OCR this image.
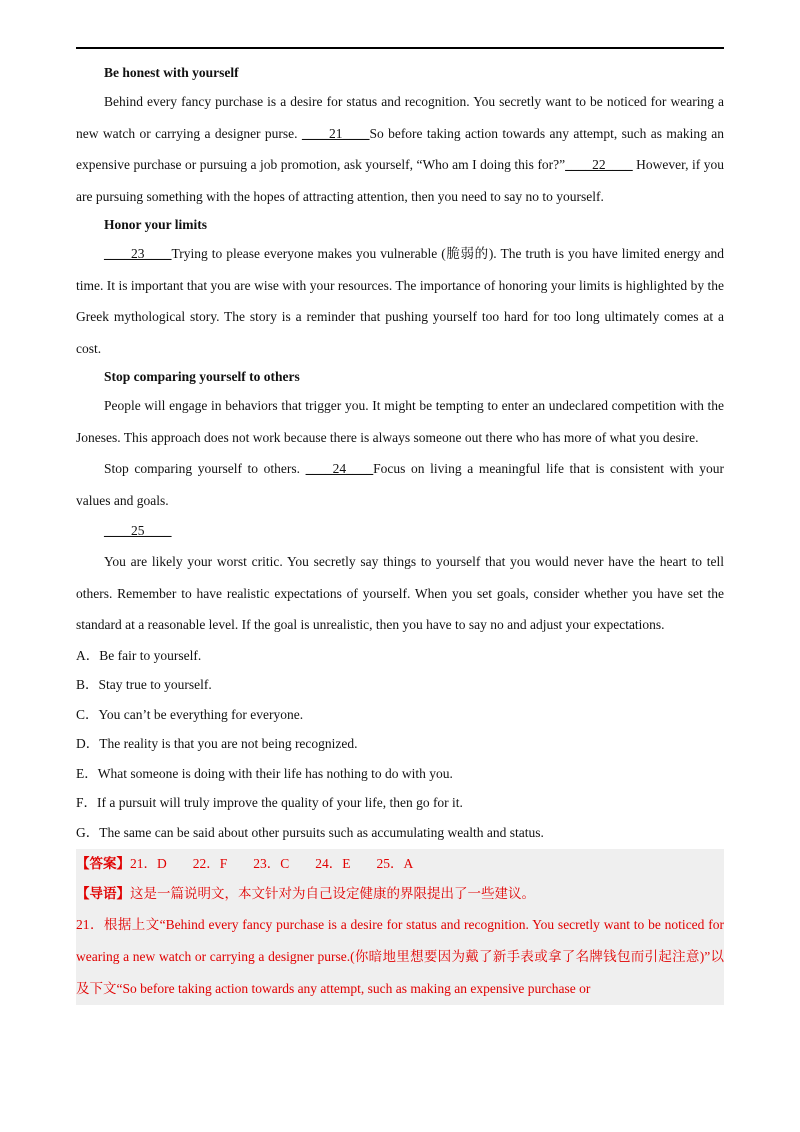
Be honest with yourself
Behind every fancy purchase is a desire for status and recognition. You secretly want to be noticed for wearing a new watch or carrying a designer purse. ____21____So before taking action towards any attempt, such as making an expensive purchase or pursuing a job promotion, ask yourself, “Who am I doing this for?”____22____ However, if you are pursuing something with the hopes of attracting attention, then you need to say no to yourself.
Honor your limits
____23____Trying to please everyone makes you vulnerable (脆弱的). The truth is you have limited energy and time. It is important that you are wise with your resources. The importance of honoring your limits is highlighted by the Greek mythological story. The story is a reminder that pushing yourself too hard for too long ultimately comes at a cost.
Stop comparing yourself to others
People will engage in behaviors that trigger you. It might be tempting to enter an undeclared competition with the Joneses. This approach does not work because there is always someone out there who has more of what you desire.
Stop comparing yourself to others. ____24____Focus on living a meaningful life that is consistent with your values and goals.
____25____
You are likely your worst critic. You secretly say things to yourself that you would never have the heart to tell others. Remember to have realistic expectations of yourself. When you set goals, consider whether you have set the standard at a reasonable level. If the goal is unrealistic, then you have to say no and adjust your expectations.
A．Be fair to yourself.
B．Stay true to yourself.
C．You can’t be everything for everyone.
D．The reality is that you are not being recognized.
E．What someone is doing with their life has nothing to do with you.
F．If a pursuit will truly improve the quality of your life, then go for it.
G．The same can be said about other pursuits such as accumulating wealth and status.
【答案】21．D 22．F 23．C 24．E 25．A
【导语】这是一篇说明文，本文针对为自己设定健康的界限提出了一些建议。
21．根据上文“Behind every fancy purchase is a desire for status and recognition. You secretly want to be noticed for wearing a new watch or carrying a designer purse.(你暗地里想要因为戴了新手表或拿了名牌钱包而引起注意)”以及下文“So before taking action towards any attempt, such as making an expensive purchase or
